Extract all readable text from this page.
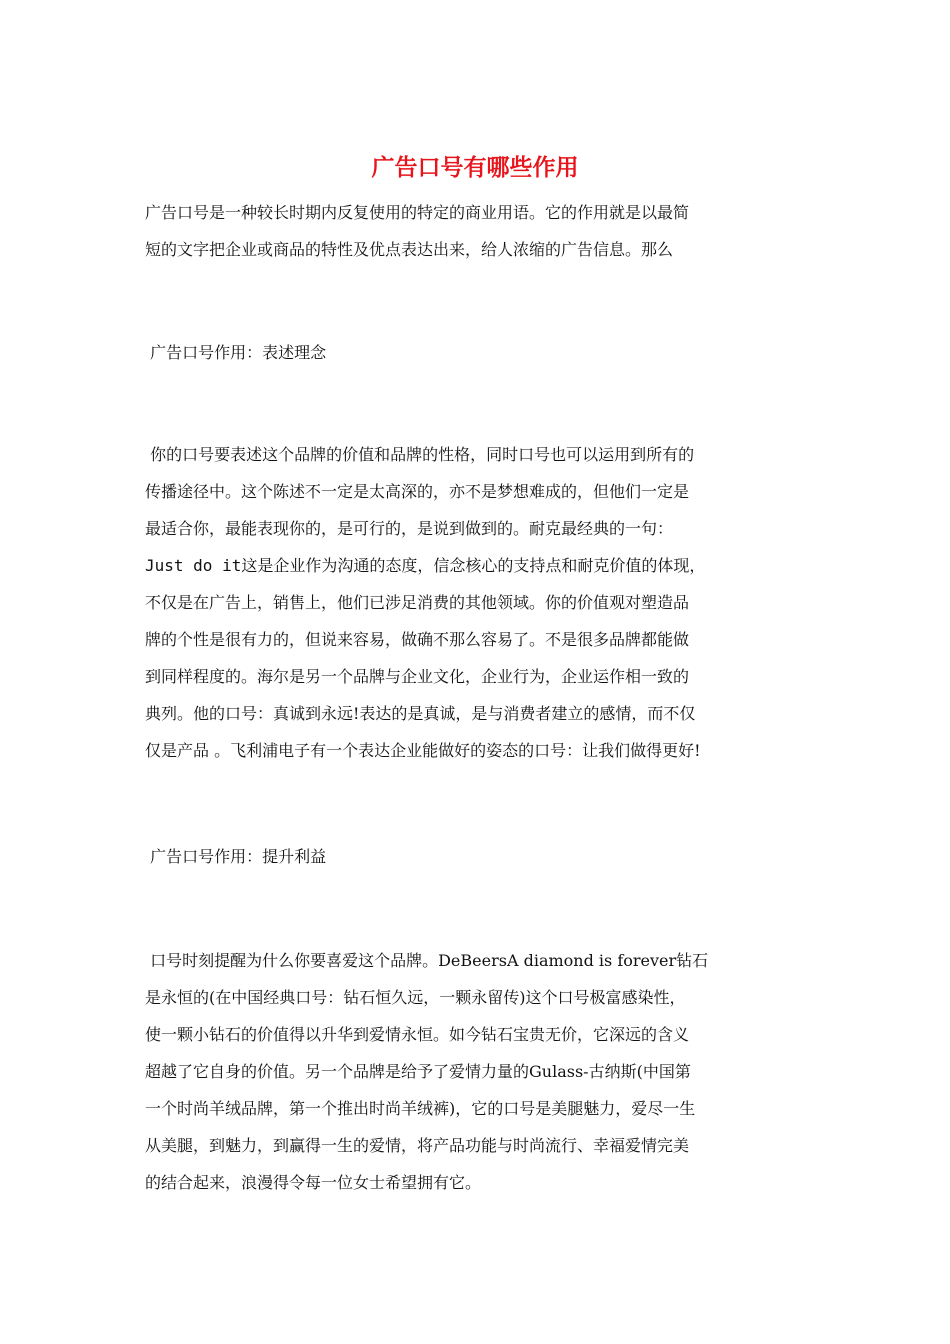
广告口号有哪些作用
广告口号是一种较长时期内反复使用的特定的商业用语。它的作用就是以最简
短的文字把企业或商品的特性及优点表达出来，给人浓缩的广告信息。那么
广告口号作用：表述理念
你的口号要表述这个品牌的价值和品牌的性格，同时口号也可以运用到所有的
传播途径中。这个陈述不一定是太高深的，亦不是梦想难成的，但他们一定是
最适合你，最能表现你的，是可行的，是说到做到的。耐克最经典的一句：
Just do it这是企业作为沟通的态度，信念核心的支持点和耐克价值的体现，
不仅是在广告上，销售上，他们已涉足消费的其他领域。你的价值观对塑造品
牌的个性是很有力的，但说来容易，做确不那么容易了。不是很多品牌都能做
到同样程度的。海尔是另一个品牌与企业文化，企业行为，企业运作相一致的
典列。他的口号：真诚到永远!表达的是真诚，是与消费者建立的感情，而不仅
仅是产品 。飞利浦电子有一个表达企业能做好的姿态的口号：让我们做得更好!
广告口号作用：提升利益
口号时刻提醒为什么你要喜爱这个品牌。DeBeersA diamond is forever钻石
是永恒的(在中国经典口号：钻石恒久远，一颗永留传)这个口号极富感染性，
使一颗小钻石的价值得以升华到爱情永恒。如今钻石宝贵无价，它深远的含义
超越了它自身的价值。另一个品牌是给予了爱情力量的Gulass-古纳斯(中国第
一个时尚羊绒品牌，第一个推出时尚羊绒裤)，它的口号是美腿魅力，爱尽一生
从美腿，到魅力，到赢得一生的爱情，将产品功能与时尚流行、幸福爱情完美
的结合起来，浪漫得令每一位女士希望拥有它。
